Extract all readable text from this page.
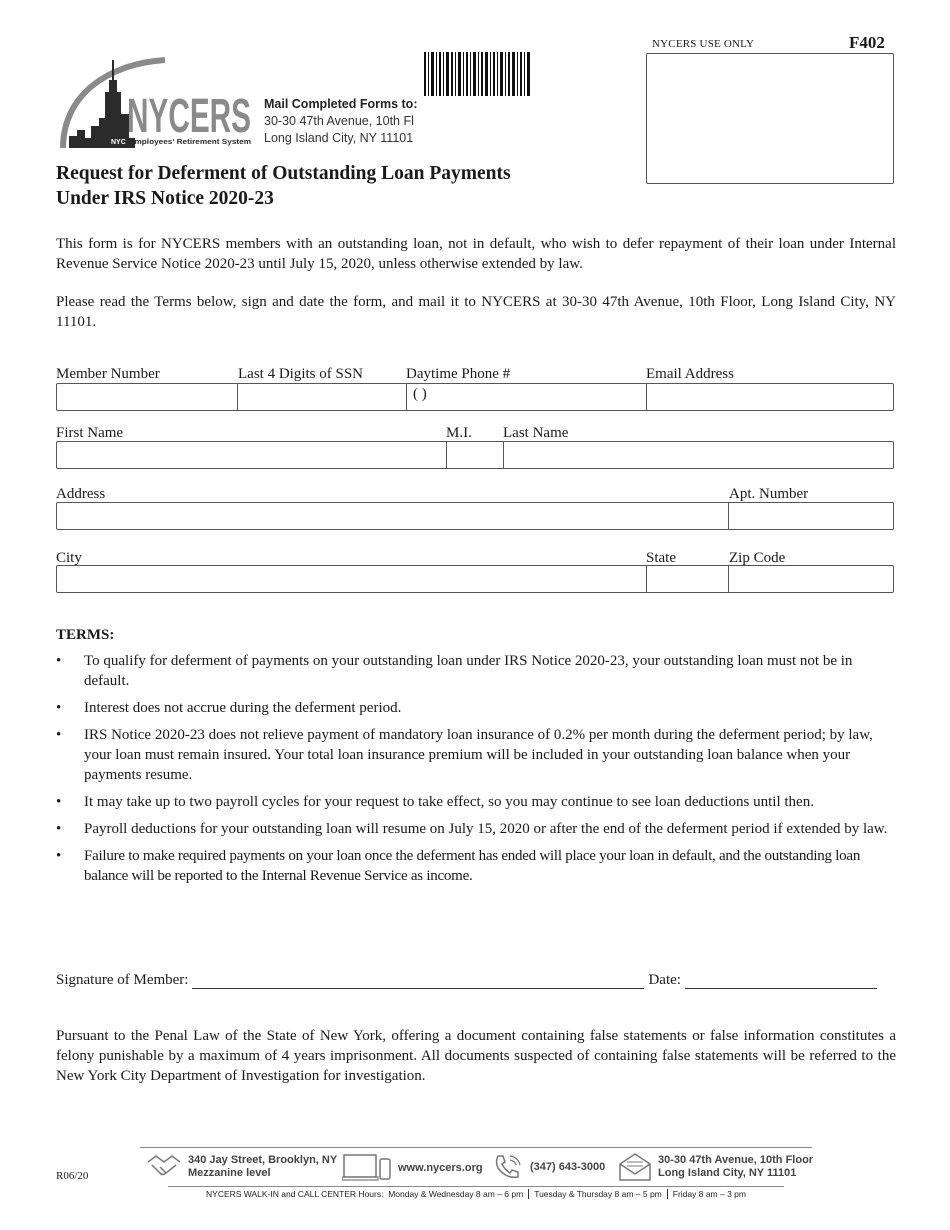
NYCERS
NYC Employees' Retirement System
Mail Completed Forms to:
30-30 47th Avenue, 10th Fl
Long Island City, NY 11101
NYCERS USE ONLY	F402
Request for Deferment of Outstanding Loan Payments
Under IRS Notice 2020-23
This form is for NYCERS members with an outstanding loan, not in default, who wish to defer repayment of their loan under Internal Revenue Service Notice 2020-23 until July 15, 2020, unless otherwise extended by law.
Please read the Terms below, sign and date the form, and mail it to NYCERS at 30-30 47th Avenue, 10th Floor, Long Island City, NY 11101.
Member Number	Last 4 Digits of SSN	Daytime Phone #	Email Address
( )
First Name	M.I. Last Name
Address	Apt. Number
City	State	Zip Code
TERMS:
• To qualify for deferment of payments on your outstanding loan under IRS Notice 2020-23, your outstanding loan must not be in default.
• Interest does not accrue during the deferment period.
• IRS Notice 2020-23 does not relieve payment of mandatory loan insurance of 0.2% per month during the deferment period; by law, your loan must remain insured. Your total loan insurance premium will be included in your outstanding loan balance when your payments resume.
• It may take up to two payroll cycles for your request to take effect, so you may continue to see loan deductions until then.
• Payroll deductions for your outstanding loan will resume on July 15, 2020 or after the end of the deferment period if extended by law.
• Failure to make required payments on your loan once the deferment has ended will place your loan in default, and the outstanding loan balance will be reported to the Internal Revenue Service as income.
Signature of Member:	Date:
Pursuant to the Penal Law of the State of New York, offering a document containing false statements or false information constitutes a felony punishable by a maximum of 4 years imprisonment. All documents suspected of containing false statements will be referred to the New York City Department of Investigation for investigation.
R06/20
340 Jay Street, Brooklyn, NY
Mezzanine level	www.nycers.org	(347) 643-3000
30-30 47th Avenue, 10th Floor
Long Island City, NY 11101
NYCERS WALK-IN and CALL CENTER Hours: Monday & Wednesday 8 am – 6 pm Tuesday & Thursday 8 am – 5 pm Friday 8 am – 3 pm
